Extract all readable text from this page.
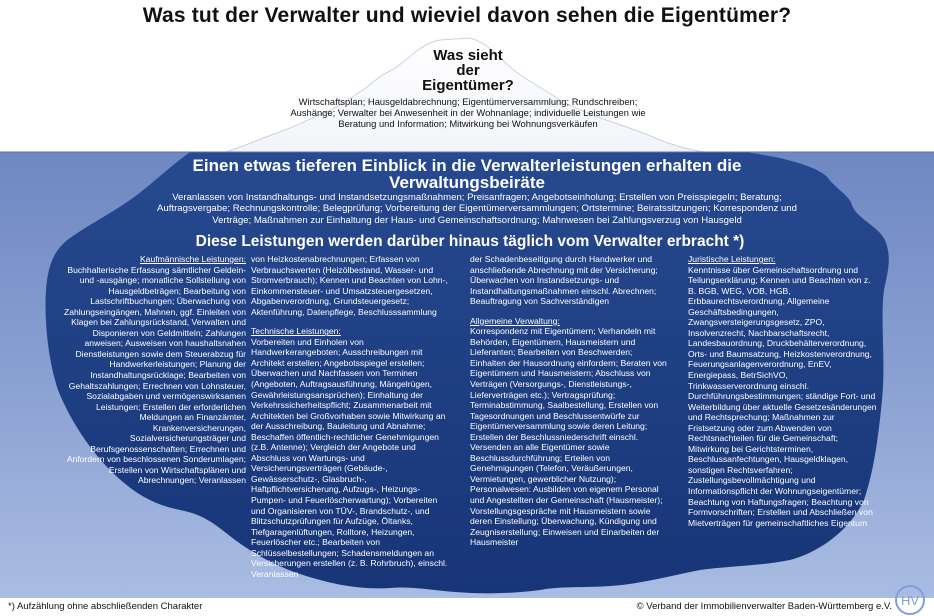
Was tut der Verwalter und wieviel davon sehen die Eigentümer?
Was sieht der Eigentümer?
Wirtschaftsplan; Hausgeldabrechnung; Eigentümerversammlung; Rundschreiben; Aushänge; Verwalter bei Anwesenheit in der Wohnanlage; individuelle Leistungen wie Beratung und Information; Mitwirkung bei Wohnungsverkäufen
Einen etwas tieferen Einblick in die Verwalterleistungen erhalten die Verwaltungsbeiräte
Veranlassen von Instandhaltungs- und Instandsetzungsmaßnahmen; Preisanfragen; Angebotseinholung; Erstellen von Preisspiegeln; Beratung; Auftragsvergabe; Rechnungskontrolle; Belegprüfung; Vorbereitung der Eigentümerversammlungen; Ortstermine; Beiratssitzungen; Korrespondenz und Verträge; Maßnahmen zur Einhaltung der Haus- und Gemeinschaftsordnung; Mahnwesen bei Zahlungsverzug von Hausgeld
Diese Leistungen werden darüber hinaus täglich vom Verwalter erbracht *)
Kaufmännische Leistungen:
Buchhalterische Erfassung sämtlicher Geldein- und -ausgänge; monatliche Sollstellung von Hausgeldbeträgen; Bearbeitung von Lastschriftbuchungen; Überwachung von Zahlungseingängen, Mahnen, ggf. Einleiten von Klagen bei Zahlungsrückstand, Verwalten und Disponieren von Geldmitteln; Zahlungen anweisen; Ausweisen von haushaltsnahen Dienstleistungen sowie dem Steuerabzug für Handwerkerleistungen; Planung der Instandhaltungsrücklage; Bearbeiten von Gehaltszahlungen; Errechnen von Lohnsteuer, Sozialabgaben und vermögenswirksamen Leistungen; Erstellen der erforderlichen Meldungen an Finanzämter, Krankenversicherungen, Sozialversicherungsträger und Berufsgenossenschaften; Errechnen und Anfordern von beschlossenen Sonderumlagen; Erstellen von Wirtschaftsplänen und Abrechnungen; Veranlassen
von Heizkostenabrechnungen; Erfassen von Verbrauchswerten (Heizölbestand, Wasser- und Stromverbrauch); Kennen und Beachten von Lohn-, Einkommensteuer- und Umsatzsteuergesetzen, Abgabenverordnung, Grundsteuergesetz; Aktenführung, Datenpflege, Beschlusssammlung
Technische Leistungen:
Vorbereiten und Einholen von Handwerkerangeboten; Ausschreibungen mit Architekt erstellen; Angebotsspiegel erstellen; Überwachen und Nachfassen von Terminen (Angeboten, Auftragsausführung, Mängelrügen, Gewährleistungsansprüchen); Einhaltung der Verkehrssicherheitspflicht; Zusammenarbeit mit Architekten bei Großvorhaben sowie Mitwirkung an der Ausschreibung, Bauleitung und Abnahme; Beschaffen öffentlich-rechtlicher Genehmigungen (z.B. Antenne); Vergleich der Angebote und Abschluss von Wartungs- und Versicherungsverträgen (Gebäude-, Gewässerschutz-, Glasbruch-, Haftpflichtversicherung, Aufzugs-, Heizungs- Pumpen- und Feuerlöscherwartung); Vorbereiten und Organisieren von TÜV-, Brandschutz-, und Blitzschutzprüfungen für Aufzüge, Öltanks, Tiefgaragenlüftungen, Rolltore, Heizungen, Feuerlöscher etc.; Bearbeiten von Schlüsselbestellungen; Schadensmeldungen an Versicherungen erstellen (z. B. Rohrbruch), einschl. Veranlassen
der Schadenbeseitigung durch Handwerker und anschließende Abrechnung mit der Versicherung; Überwachen von Instandsetzungs- und Instandhaltungsmaßnahmen einschl. Abrechnen; Beauftragung von Sachverständigen
Allgemeine Verwaltung:
Korrespondenz mit Eigentümern; Verhandeln mit Behörden, Eigentümern, Hausmeistern und Lieferanten; Bearbeiten von Beschwerden; Einhalten der Hausordnung einfordern; Beraten von Eigentümern und Hausmeistern; Abschluss von Verträgen (Versorgungs-, Dienstleistungs-, Lieferverträgen etc.); Vertragsprüfung; Terminabstimmung, Saalbestellung, Erstellen von Tagesordnungen und Beschlussentwürfe zur Eigentümerversammlung sowie deren Leitung; Erstellen der Beschlussniederschrift einschl. Versenden an alle Eigentümer sowie Beschlussdurchführung; Erteilen von Genehmigungen (Telefon, Veräußerungen, Vermietungen, gewerblicher Nutzung); Personalwesen: Ausbilden von eigenem Personal und Angestellten der Gemeinschaft (Hausmeister); Vorstellungsgespräche mit Hausmeistern sowie deren Einstellung; Überwachung, Kündigung und Zeugniserstellung; Einweisen und Einarbeiten der Hausmeister
Juristische Leistungen:
Kenntnisse über Gemeinschaftsordnung und Teilungserklärung; Kennen und Beachten von z. B. BGB, WEG, VOB, HGB, Erbbaurechtsverordnung, Allgemeine Geschäftsbedingungen, Zwangsversteigerungsgesetz, ZPO, Insolvenzrecht, Nachbarschaftsrecht, Landesbauordnung, Druckbehälterverordnung, Orts- und Baumsatzung, Heizkostenverordnung, Feuerungsanlagenverordnung, EnEV, Energiepass, BetrSichVO, Trinkwasserverordnung einschl. Durchführungsbestimmungen; ständige Fort- und Weiterbildung über aktuelle Gesetzesänderungen und Rechtsprechung; Maßnahmen zur Fristsetzung oder zum Abwenden von Rechtsnachteilen für die Gemeinschaft; Mitwirkung bei Gerichtsterminen, Beschlussanfechtungen, Hausgeldklagen, sonstigen Rechtsverfahren; Zustellungsbevollmächtigung und Informationspflicht der Wohnungseigentümer; Beachtung von Haftungsfragen; Beachtung von Formvorschriften; Erstellen und Abschließen von Mietverträgen für gemeinschaftliches Eigentum
*) Aufzählung ohne abschließenden Charakter	© Verband der Immobilienverwalter Baden-Württemberg e.V. HV
